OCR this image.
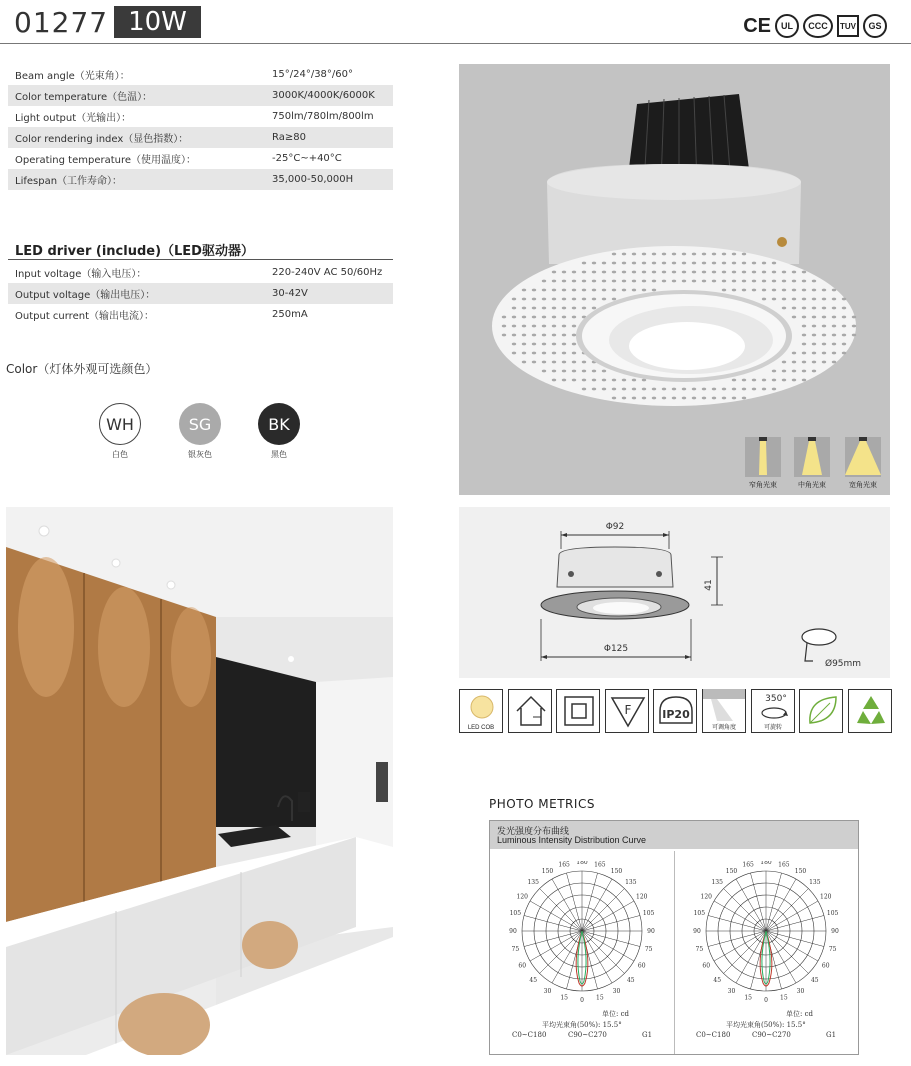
01277 10W	CE	UL	CCC	TUV	GS
Beam angle（光束角）：	15°/24°/38°/60°
Color temperature（色温）：	3000K/4000K/6000K
Light output（光输出）：	750lm/780lm/800lm
Color rendering index（显色指数）：	Ra≥80
Operating temperature（使用温度）：	-25°C~+40°C
Lifespan（工作寿命）：	35,000-50,000H
LED driver (include)（LED驱动器）
Input voltage（输入电压）：	220-240V AC 50/60Hz
Output voltage（输出电压）：	30-42V
Output current（输出电流）：	250mA
Color（灯体外观可选颜色）
WH	SG	BK
白色	银灰色	黑色
窄角光束	中角光束	宽角光束
Φ92
41
Φ125
Ø95mm
LED COB
F	IP20
可调角度
350°
可旋转
PHOTO METRICS
发光强度分布曲线
Luminous Intensity Distribution Curve
180 165
165
150
150
135
135
120
120
105
105
90
90
75
75
60
60
45
45
30
30
15
15 0
180 165
165
150
150
135
135
120
120
105
105
90
90
75
75
60
60
45
45
30
30
15
15 0
单位: cd
平均光束角(50%): 15.5°
C0~C180	C90~C270	G1
单位: cd
平均光束角(50%): 15.5°
C0~C180	C90~C270	G1
